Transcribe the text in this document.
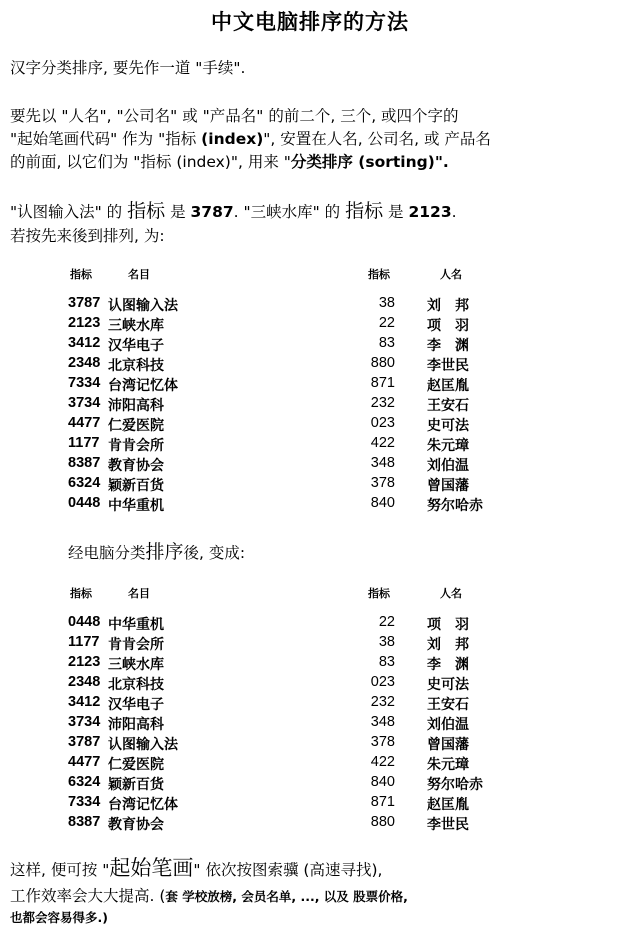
中文电脑排序的方法
汉字分类排序, 要先作一道 "手续".
要先以 "人名", "公司名" 或 "产品名" 的前二个, 三个, 或四个字的
"起始笔画代码" 作为 "指标 (index)", 安置在人名, 公司名, 或 产品名
的前面, 以它们为 "指标 (index)", 用来 "分类排序 (sorting)".
"认图输入法" 的 指标 是 3787. "三峡水库" 的 指标 是 2123.
若按先来後到排列, 为:
指标	名目	指标	人名
3787 认图输入法	38 刘　邦
2123 三峡水库	22 项　羽
3412 汉华电子	83 李　渊
2348 北京科技	880 李世民
7334 台湾记忆体	871 赵匡胤
3734 沛阳高科	232 王安石
4477 仁爱医院	023 史可法
1177 肯肯会所	422 朱元璋
8387 教育协会	348 刘伯温
6324 颖新百货	378 曾国藩
0448 中华重机	840 努尔哈赤
经电脑分类排序後, 变成:
指标	名目	指标	人名
0448 中华重机	22 项　羽
1177 肯肯会所	38 刘　邦
2123 三峡水库	83 李　渊
2348 北京科技	023 史可法
3412 汉华电子	232 王安石
3734 沛阳高科	348 刘伯温
3787 认图输入法	378 曾国藩
4477 仁爱医院	422 朱元璋
6324 颖新百货	840 努尔哈赤
7334 台湾记忆体	871 赵匡胤
8387 教育协会	880 李世民
这样, 便可按 "起始笔画" 依次按图索骥 (高速寻找),
工作效率会大大提高. (套 学校放榜, 会员名单, ..., 以及 股票价格,
也都会容易得多.)
